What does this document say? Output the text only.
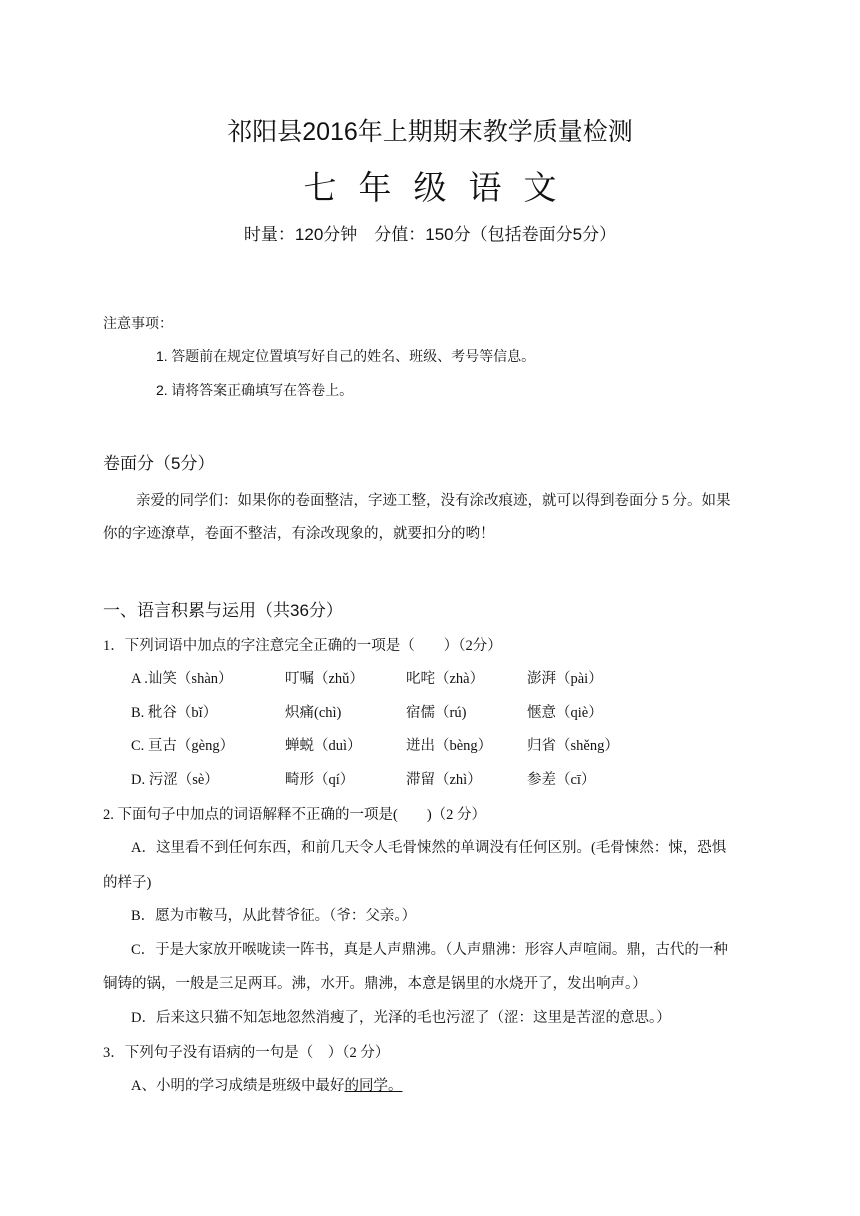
祁阳县2016年上期期末教学质量检测
七年级语文
时量：120分钟　分值：150分（包括卷面分5分）
注意事项：
1. 答题前在规定位置填写好自己的姓名、班级、考号等信息。
2. 请将答案正确填写在答卷上。
卷面分（5分）
亲爱的同学们：如果你的卷面整洁，字迹工整，没有涂改痕迹，就可以得到卷面分 5 分。如果
你的字迹潦草，卷面不整洁，有涂改现象的，就要扣分的哟！
一、语言积累与运用（共36分）
1．下列词语中加点的字注意完全正确的一项是（　　）（2分）
A .讪笑（shàn）	叮嘱（zhǔ）	叱咤（zhà）	澎湃（pài）
B. 秕谷（bǐ）	炽痛(chì)	宿儒（rú)	惬意（qiè）
C. 亘古（gèng）	蝉蜕（duì）	迸出（bèng） 归省（shěng）
D. 污涩（sè）	畸形（qí）	滞留（zhì）	参差（cī）
2. 下面句子中加点的词语解释不正确的一项是(　　)（2 分）
A．这里看不到任何东西，和前几天令人毛骨悚然的单调没有任何区别。(毛骨悚然：悚，恐惧
的样子)
B．愿为市鞍马，从此替爷征。（爷：父亲。）
C．于是大家放开喉咙读一阵书，真是人声鼎沸。（人声鼎沸：形容人声喧闹。鼎，古代的一种
铜铸的锅，一般是三足两耳。沸，水开。鼎沸，本意是锅里的水烧开了，发出响声。）
D．后来这只猫不知怎地忽然消瘦了，光泽的毛也污涩了（涩：这里是苦涩的意思。）
3．下列句子没有语病的一句是（　）（2 分）
A、小明的学习成绩是班级中最好的同学。
